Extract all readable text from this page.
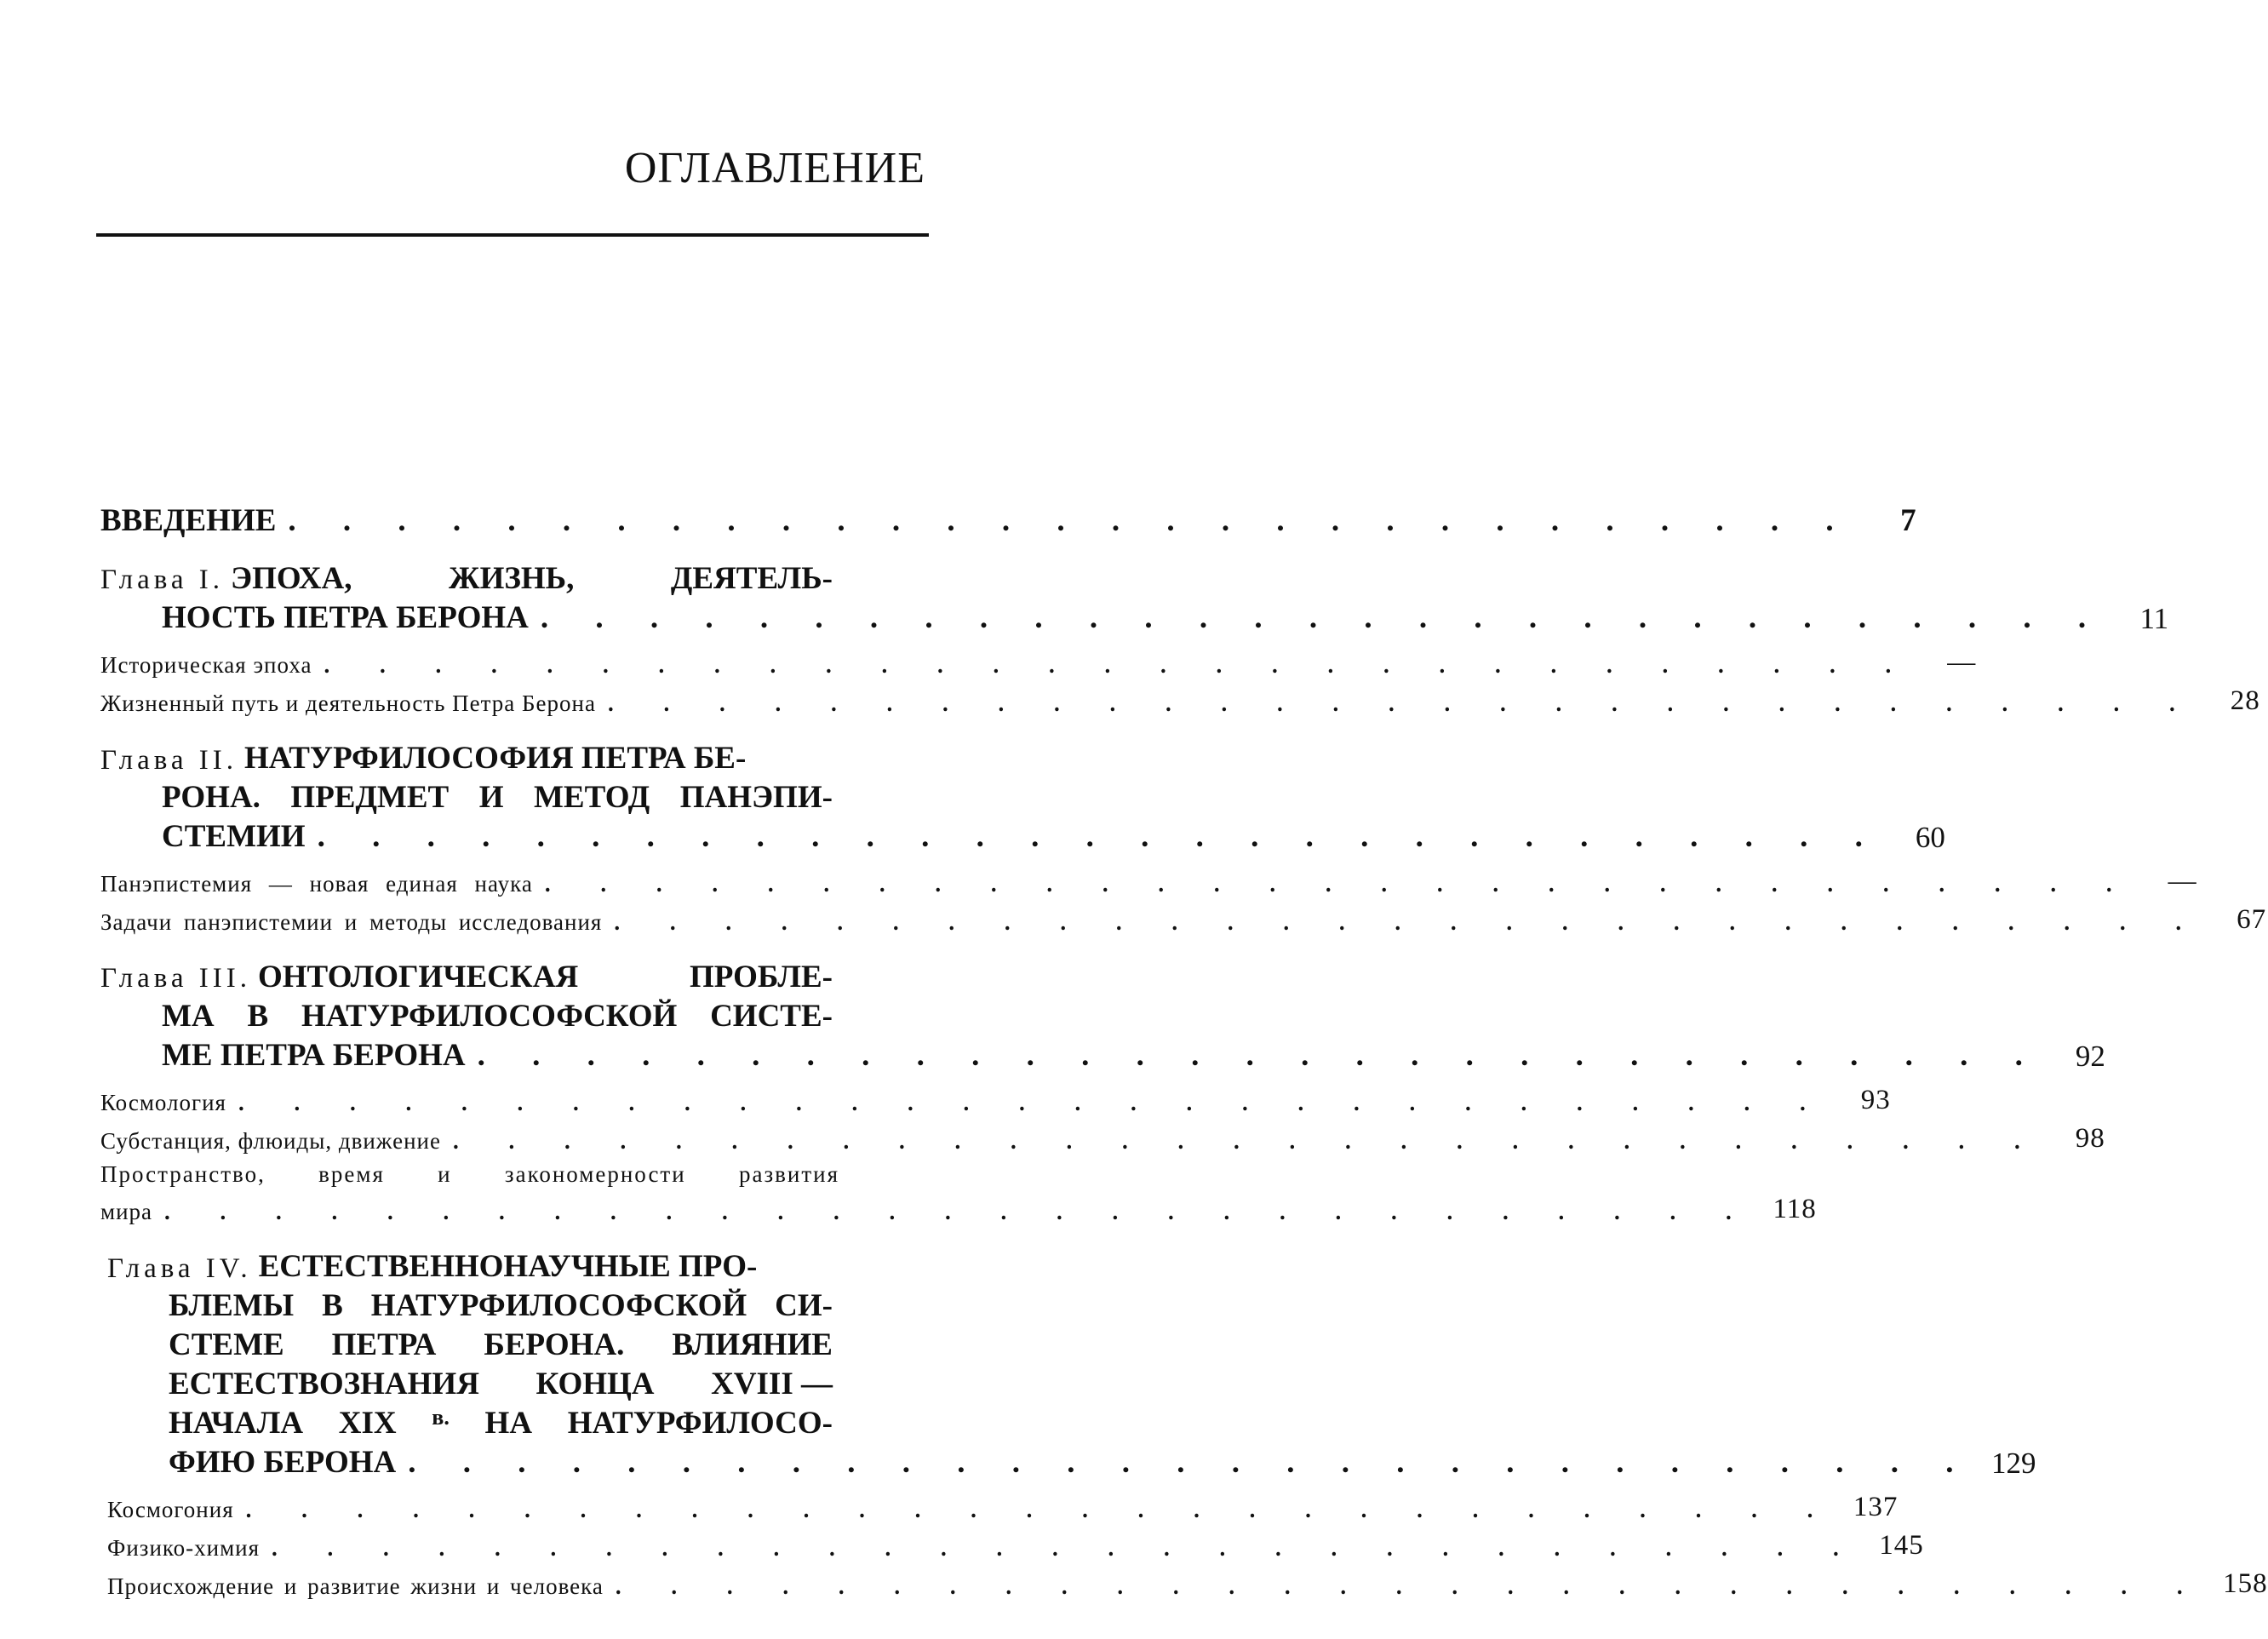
ОГЛАВЛЕНИЕ
ВВЕДЕНИЕ . . . . . . . . . . . . . . . . . . . . . . . . . . . . .	7
Глава I. ЭПОХА,	ЖИЗНЬ,	ДЕЯТЕЛЬ-
НОСТЬ ПЕТРА БЕРОНА . . . . . . . . . . . . . . . . . . . . . . . . . . . . .	11
Историческая эпоха . . . . . . . . . . . . . . . . . . . . . . . . . . . . .	—
Жизненный путь и деятельность Петра Берона . . . . . . . . . . . . . . . . . . . . . . . . . . . . .	28
Глава II. НАТУРФИЛОСОФИЯ ПЕТРА БЕ-
РОНА. ПРЕДМЕТ И МЕТОД ПАНЭПИ-
СТЕМИИ . . . . . . . . . . . . . . . . . . . . . . . . . . . . .	60
Панэпистемия — новая единая наука . . . . . . . . . . . . . . . . . . . . . . . . . . . . .	—
Задачи панэпистемии и методы исследования . . . . . . . . . . . . . . . . . . . . . . . . . . . . .	67
Глава III. ОНТОЛОГИЧЕСКАЯ	ПРОБЛЕ-
МА В НАТУРФИЛОСОФСКОЙ СИСТЕ-
МЕ ПЕТРА БЕРОНА . . . . . . . . . . . . . . . . . . . . . . . . . . . . .	92
Космология . . . . . . . . . . . . . . . . . . . . . . . . . . . . .	93
Субстанция, флюиды, движение . . . . . . . . . . . . . . . . . . . . . . . . . . . . .	98
Пространство, время и закономерности развития
мира . . . . . . . . . . . . . . . . . . . . . . . . . . . . . 118
Глава IV. ЕСТЕСТВЕННОНАУЧНЫЕ ПРО-
БЛЕМЫ В НАТУРФИЛОСОФСКОЙ СИ-
СТЕМЕ ПЕТРА БЕРОНА. ВЛИЯНИЕ
ЕСТЕСТВОЗНАНИЯ КОНЦА XVIII —
НАЧАЛА XIX в. НА НАТУРФИЛОСО-
ФИЮ БЕРОНА . . . . . . . . . . . . . . . . . . . . . . . . . . . . . 129
Космогония . . . . . . . . . . . . . . . . . . . . . . . . . . . . . 137
Физико-химия . . . . . . . . . . . . . . . . . . . . . . . . . . . . . 145
Происхождение и развитие жизни и человека . . . . . . . . . . . . . . . . . . . . . . . . . . . . . 158
